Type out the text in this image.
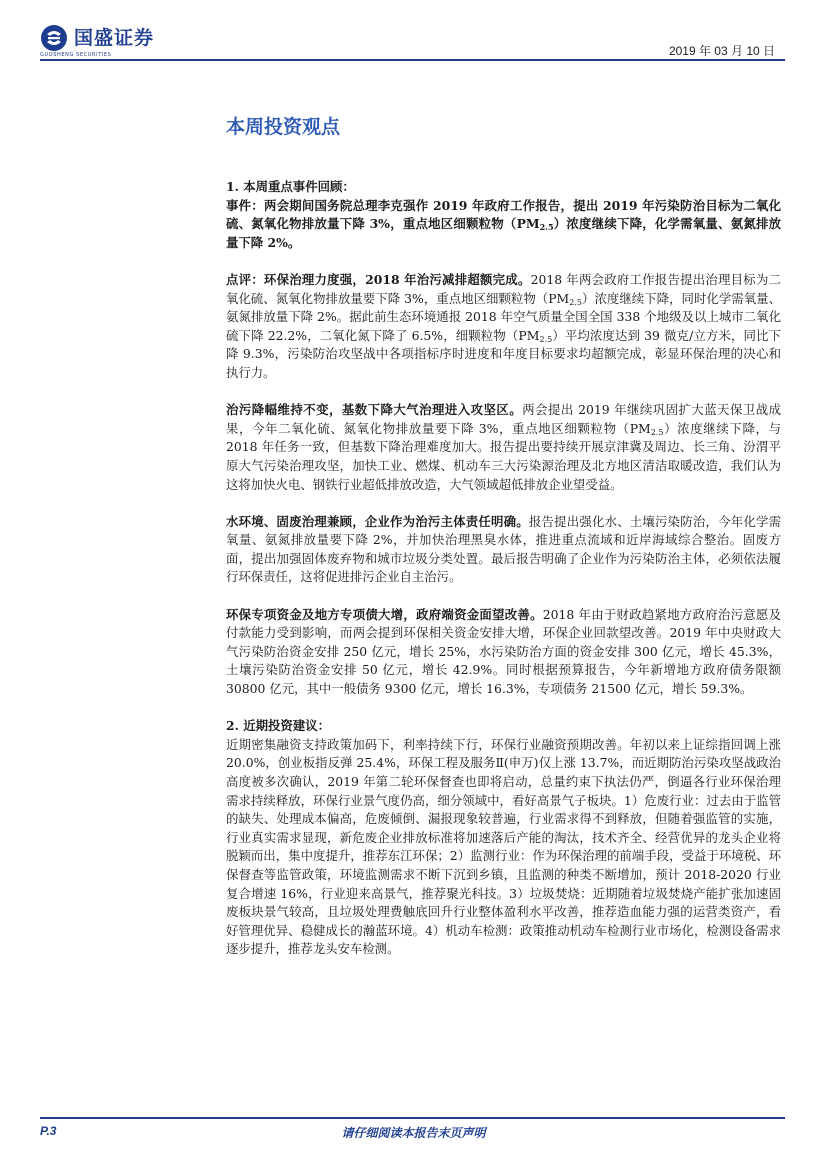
国盛证券
GUOSHENG SECURITIES	2019 年 03 月 10 日
本周投资观点

1. 本周重点事件回顾：

事件：两会期间国务院总理李克强作 2019 年政府工作报告，提出 2019 年污染防治目标为二氧化硫、氮氧化物排放量下降 3%，重点地区细颗粒物$(PM_{2.5})$浓度继续下降，化学需氧量、氨氮排放量下降 2%。

点评：环保治理力度强，2018 年治污减排超额完成。2018 年两会政府工作报告提出治理目标为二氧化硫、氮氧化物排放量要下降 3%，重点地区细颗粒物$(PM_{2.5})$浓度继续下降，同时化学需氧量、氨氮排放量下降 2%。据此前生态环境通报 2018 年空气质量全国全国 338 个地级及以上城市二氧化硫下降 22.2%，二氧化氮下降了 6.5%，细颗粒物$(PM_{2.5})$平均浓度达到 39 微克/立方米，同比下降 9.3%，污染防治攻坚战中各项指标序时进度和年度目标要求均超额完成，彰显环保治理的决心和执行力。

治污降幅维持不变，基数下降大气治理进入攻坚区。两会提出 2019 年继续巩固扩大蓝天保卫战成果，今年二氧化硫、氮氧化物排放量要下降 3%，重点地区细颗粒物$(PM_{2.5})$浓度继续下降，与 2018 年任务一致，但基数下降治理难度加大。报告提出要持续开展京津冀及周边、长三角、汾渭平原大气污染治理攻坚，加快工业、燃煤、机动车三大污染源治理及北方地区清洁取暖改造，我们认为这将加快火电、钢铁行业超低排放改造，大气领域超低排放企业望受益。

水环境、固废治理兼顾，企业作为治污主体责任明确。报告提出强化水、土壤污染防治，今年化学需氧量、氨氮排放量要下降 2%，并加快治理黑臭水体，推进重点流域和近岸海域综合整治。固废方面，提出加强固体废弃物和城市垃圾分类处置。最后报告明确了企业作为污染防治主体，必须依法履行环保责任，这将促进排污企业自主治污。

环保专项资金及地方专项债大增，政府端资金面望改善。2018 年由于财政趋紧地方政府治污意愿及付款能力受到影响，而两会提到环保相关资金安排大增，环保企业回款望改善。2019 年中央财政大气污染防治资金安排 250 亿元，增长 25%，水污染防治方面的资金安排 300 亿元，增长 45.3%，土壤污染防治资金安排 50 亿元，增长 42.9%。同时根据预算报告，今年新增地方政府债务限额 30800 亿元，其中一般债务 9300 亿元，增长 16.3%，专项债务 21500 亿元，增长 59.3%。

2. 近期投资建议：

近期密集融资支持政策加码下，利率持续下行，环保行业融资预期改善。年初以来上证综指回调上涨 20.0%，创业板指反弹 25.4%，环保工程及服务Ⅱ(申万)仅上涨 13.7%，而近期防治污染攻坚战政治高度被多次确认，2019 年第二轮环保督查也即将启动，总量约束下执法仍严，倒逼各行业环保治理需求持续释放，环保行业景气度仍高，细分领域中，看好高景气子板块。1）危废行业：过去由于监管的缺失、处理成本偏高，危废倾倒、漏报现象较普遍，行业需求得不到释放，但随着强监管的实施，行业真实需求显现，新危废企业排放标准将加速落后产能的淘汰，技术齐全、经营优异的龙头企业将脱颖而出，集中度提升，推荐东江环保；2）监测行业：作为环保治理的前端手段，受益于环境税、环保督查等监管政策，环境监测需求不断下沉到乡镇，且监测的种类不断增加，预计 2018-2020 行业复合增速 16%，行业迎来高景气，推荐聚光科技。3）垃圾焚烧：近期随着垃圾焚烧产能扩张加速固废板块景气较高，且垃圾处理费触底回升行业整体盈利水平改善，推荐造血能力强的运营类资产，看好管理优异、稳健成长的瀚蓝环境。4）机动车检测：政策推动机动车检测行业市场化，检测设备需求逐步提升，推荐龙头安车检测。

P.3	请仔细阅读本报告末页声明
